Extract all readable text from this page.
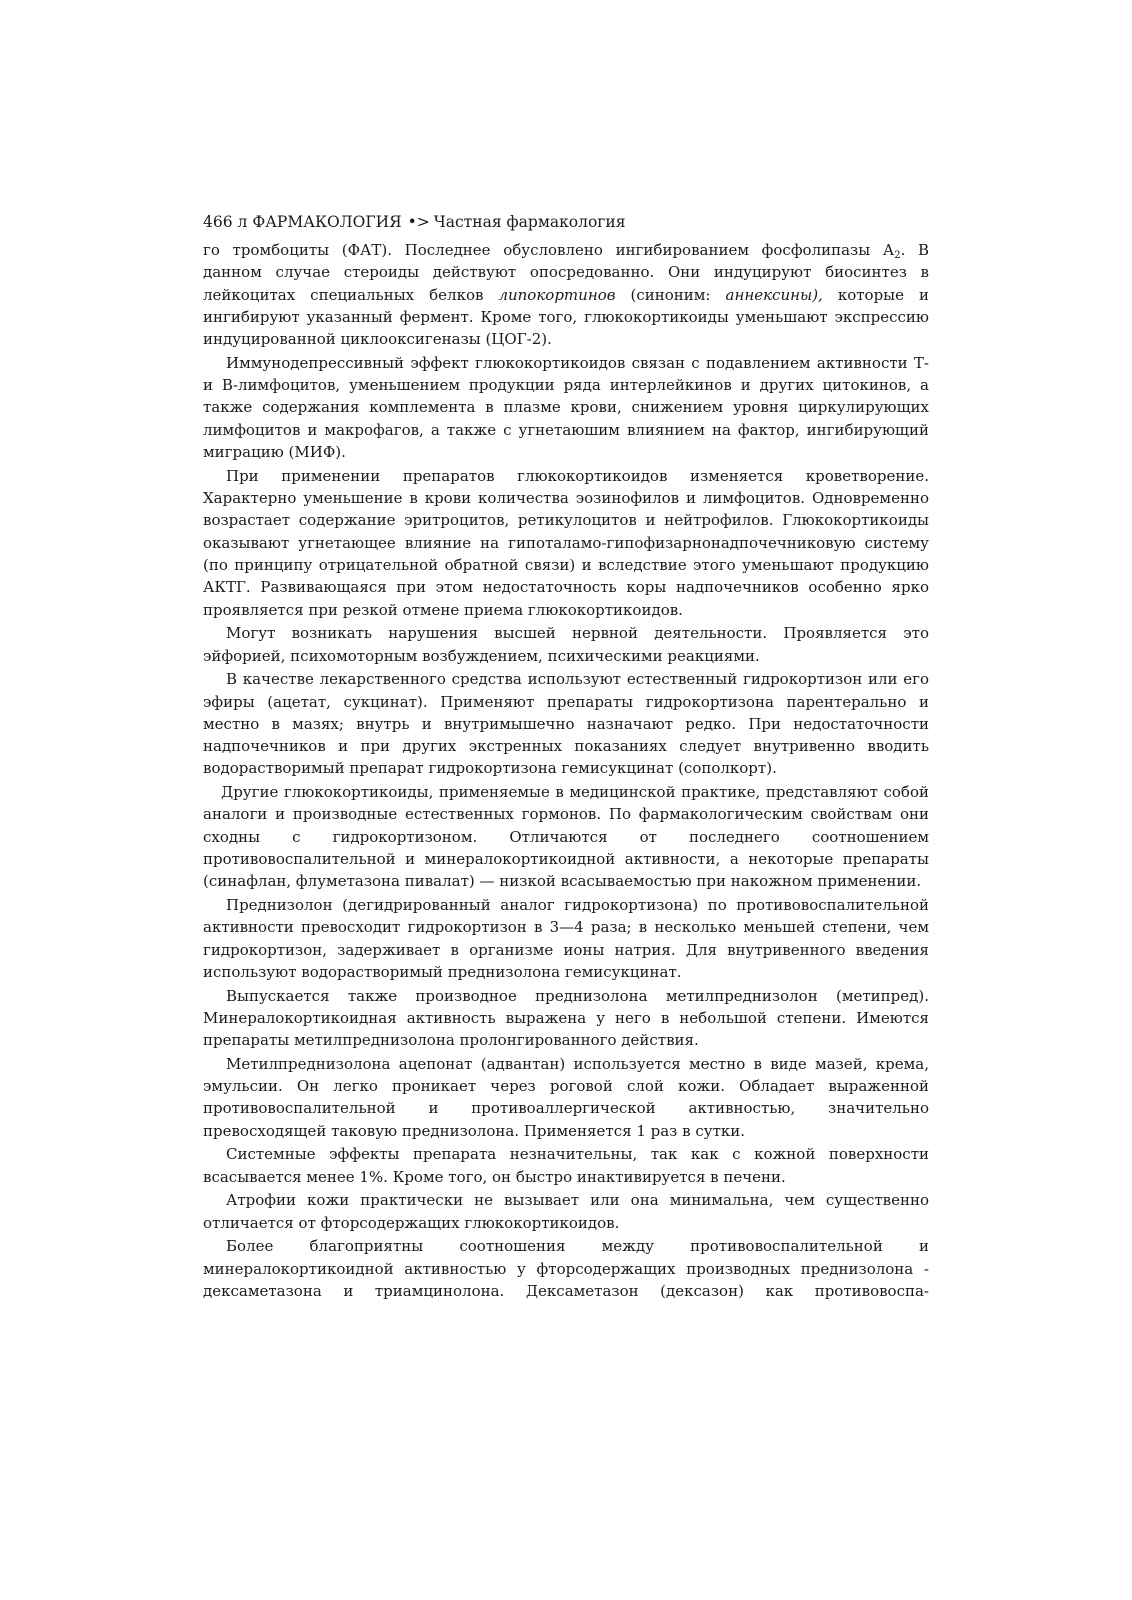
466 л ФАРМАКОЛОГИЯ •> Частная фармакология

го тромбоциты (ФАТ). Последнее обусловлено ингибированием фосфолипазы $А_2$. В данном случае стероиды действуют опосредованно. Они индуцируют биосинтез в лейкоцитах специальных белков липокортинов (синоним: аннексины), которые и ингибируют указанный фермент. Кроме того, глюкокортикоиды уменьшают экспрессию индуцированной циклооксигеназы (ЦОГ-2).

Иммунодепрессивный эффект глюкокортикоидов связан с подавлением активности Т- и В-лимфоцитов, уменьшением продукции ряда интерлейкинов и других цитокинов, а также содержания комплемента в плазме крови, снижением уровня циркулирующих лимфоцитов и макрофагов, а также с угнетаюшим влиянием на фактор, ингибирующий миграцию (МИФ).

При применении препаратов глюкокортикоидов изменяется кроветворение. Характерно уменьшение в крови количества эозинофилов и лимфоцитов. Одновременно возрастает содержание эритроцитов, ретикулоцитов и нейтрофилов. Глюкокортикоиды оказывают угнетающее влияние на гипоталамо-гипофизарнонадпочечниковую систему (по принципу отрицательной обратной связи) и вследствие этого уменьшают продукцию АКТГ. Развивающаяся при этом недостаточность коры надпочечников особенно ярко проявляется при резкой отмене приема глюкокортикоидов.

Могут возникать нарушения высшей нервной деятельности. Проявляется это эйфорией, психомоторным возбуждением, психическими реакциями.

В качестве лекарственного средства используют естественный гидрокортизон или его эфиры (ацетат, сукцинат). Применяют препараты гидрокортизона парентерально и местно в мазях; внутрь и внутримышечно назначают редко. При недостаточности надпочечников и при других экстренных показаниях следует внутривенно вводить водорастворимый препарат гидрокортизона гемисукцинат (сополкорт).

Другие глюкокортикоиды, применяемые в медицинской практике, представляют собой аналоги и производные естественных гормонов. По фармакологическим свойствам они сходны с гидрокортизоном. Отличаются от последнего соотношением противовоспалительной и минералокортикоидной активности, а некоторые препараты (синафлан, флуметазона пивалат) — низкой всасываемостью при накожном применении.

Преднизолон (дегидрированный аналог гидрокортизона) по противовоспалительной активности превосходит гидрокортизон в 3—4 раза; в несколько меньшей степени, чем гидрокортизон, задерживает в организме ионы натрия. Для внутривенного введения используют водорастворимый преднизолона гемисукцинат.

Выпускается также производное преднизолона метилпреднизолон (метипред). Минералокортикоидная активность выражена у него в небольшой степени. Имеются препараты метилпреднизолона пролонгированного действия.

Метилпреднизолона ацепонат (адвантан) используется местно в виде мазей, крема, эмульсии. Он легко проникает через роговой слой кожи. Обладает выраженной противовоспалительной и противоаллергической активностью, значительно превосходящей таковую преднизолона. Применяется 1 раз в сутки.

Системные эффекты препарата незначительны, так как с кожной поверхности всасывается менее 1%. Кроме того, он быстро инактивируется в печени.

Атрофии кожи практически не вызывает или она минимальна, чем существенно отличается от фторсодержащих глюкокортикоидов.

Более благоприятны соотношения между противовоспалительной и минералокортикоидной активностью у фторсодержащих производных преднизолона - дексаметазона и триамцинолона. Дексаметазон (дексазон) как противовоспа-
